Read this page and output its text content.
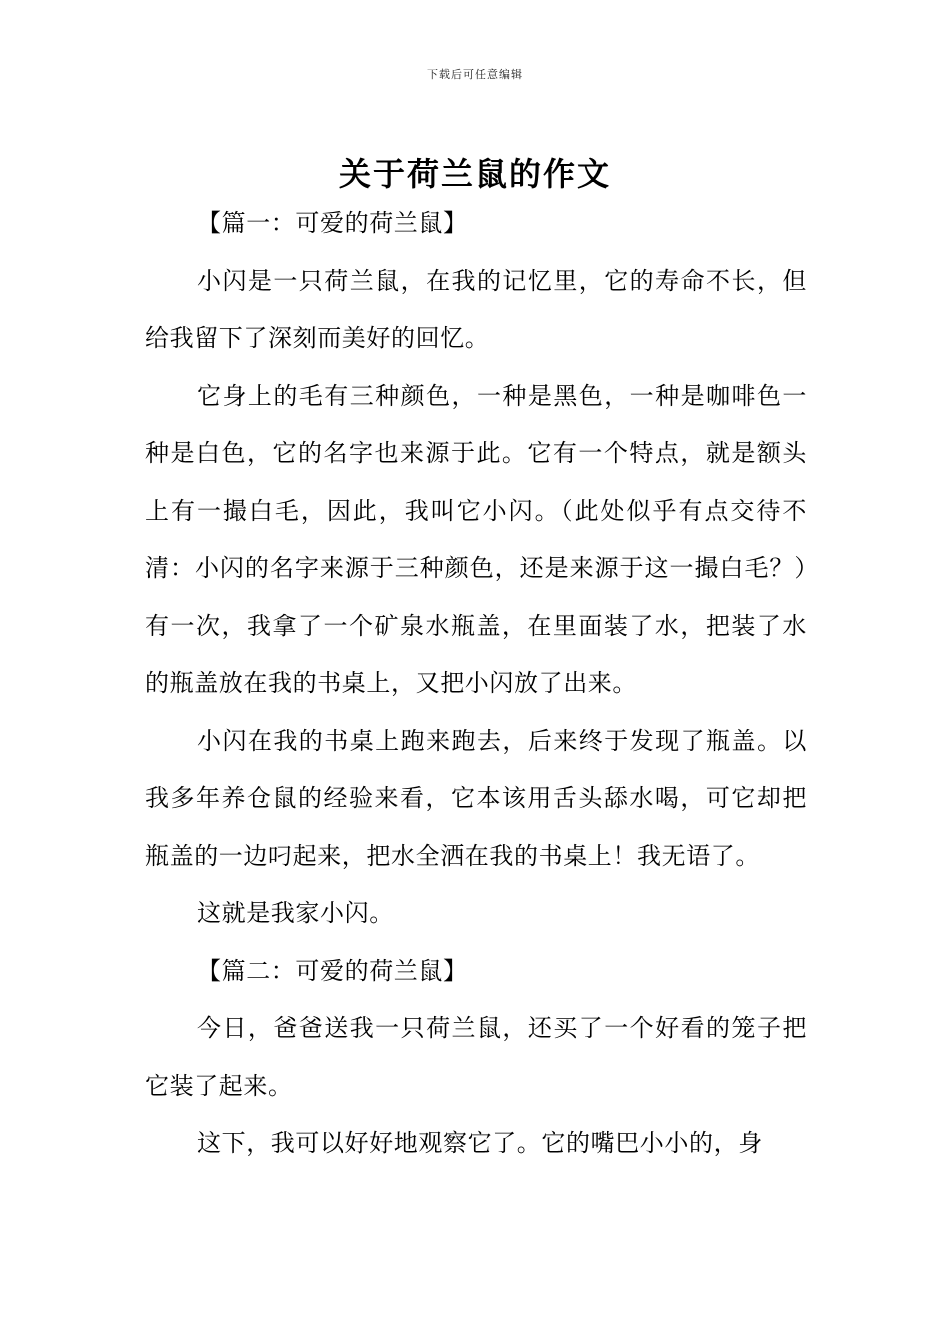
下载后可任意编辑
关于荷兰鼠的作文

【篇一：可爱的荷兰鼠】

小闪是一只荷兰鼠，在我的记忆里，它的寿命不长，但给我留下了深刻而美好的回忆。

它身上的毛有三种颜色，一种是黑色，一种是咖啡色一种是白色，它的名字也来源于此。它有一个特点，就是额头上有一撮白毛，因此，我叫它小闪。（此处似乎有点交待不清：小闪的名字来源于三种颜色，还是来源于这一撮白毛？）有一次，我拿了一个矿泉水瓶盖，在里面装了水，把装了水的瓶盖放在我的书桌上，又把小闪放了出来。

小闪在我的书桌上跑来跑去，后来终于发现了瓶盖。以我多年养仓鼠的经验来看，它本该用舌头舔水喝，可它却把瓶盖的一边叼起来，把水全洒在我的书桌上！我无语了。

这就是我家小闪。

【篇二：可爱的荷兰鼠】

今日，爸爸送我一只荷兰鼠，还买了一个好看的笼子把它装了起来。

这下，我可以好好地观察它了。它的嘴巴小小的，身
